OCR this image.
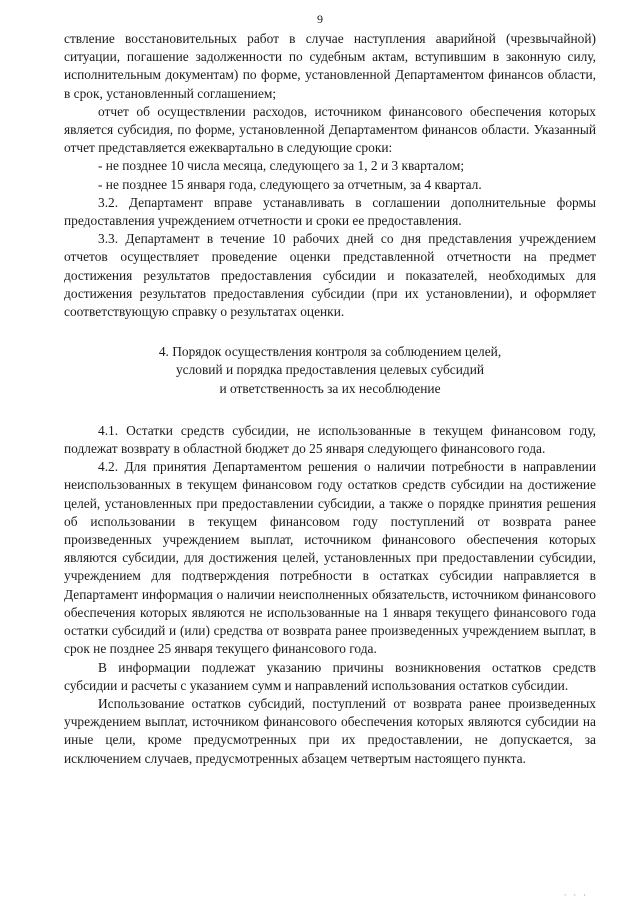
9

ствление восстановительных работ в случае наступления аварийной (чрезвычайной) ситуации, погашение задолженности по судебным актам, вступившим в законную силу, исполнительным документам) по форме, установленной Департаментом финансов области, в срок, установленный соглашением;

отчет об осуществлении расходов, источником финансового обеспечения которых является субсидия, по форме, установленной Департаментом финансов области. Указанный отчет представляется ежеквартально в следующие сроки:

- не позднее 10 числа месяца, следующего за 1, 2 и 3 кварталом;

- не позднее 15 января года, следующего за отчетным, за 4 квартал.

3.2. Департамент вправе устанавливать в соглашении дополнительные формы предоставления учреждением отчетности и сроки ее предоставления.

3.3. Департамент в течение 10 рабочих дней со дня представления учреждением отчетов осуществляет проведение оценки представленной отчетности на предмет достижения результатов предоставления субсидии и показателей, необходимых для достижения результатов предоставления субсидии (при их установлении), и оформляет соответствующую справку о результатах оценки.

4. Порядок осуществления контроля за соблюдением целей,
условий и порядка предоставления целевых субсидий
и ответственность за их несоблюдение

4.1. Остатки средств субсидии, не использованные в текущем финансовом году, подлежат возврату в областной бюджет до 25 января следующего финансового года.

4.2. Для принятия Департаментом решения о наличии потребности в направлении неиспользованных в текущем финансовом году остатков средств субсидии на достижение целей, установленных при предоставлении субсидии, а также о порядке принятия решения об использовании в текущем финансовом году поступлений от возврата ранее произведенных учреждением выплат, источником финансового обеспечения которых являются субсидии, для достижения целей, установленных при предоставлении субсидии, учреждением для подтверждения потребности в остатках субсидии направляется в Департамент информация о наличии неисполненных обязательств, источником финансового обеспечения которых являются не использованные на 1 января текущего финансового года остатки субсидий и (или) средства от возврата ранее произведенных учреждением выплат, в срок не позднее 25 января текущего финансового года.

В информации подлежат указанию причины возникновения остатков средств субсидии и расчеты с указанием сумм и направлений использования остатков субсидии.

Использование остатков субсидий, поступлений от возврата ранее произведенных учреждением выплат, источником финансового обеспечения которых являются субсидии на иные цели, кроме предусмотренных при их предоставлении, не допускается, за исключением случаев, предусмотренных абзацем четвертым настоящего пункта.

· · ·
